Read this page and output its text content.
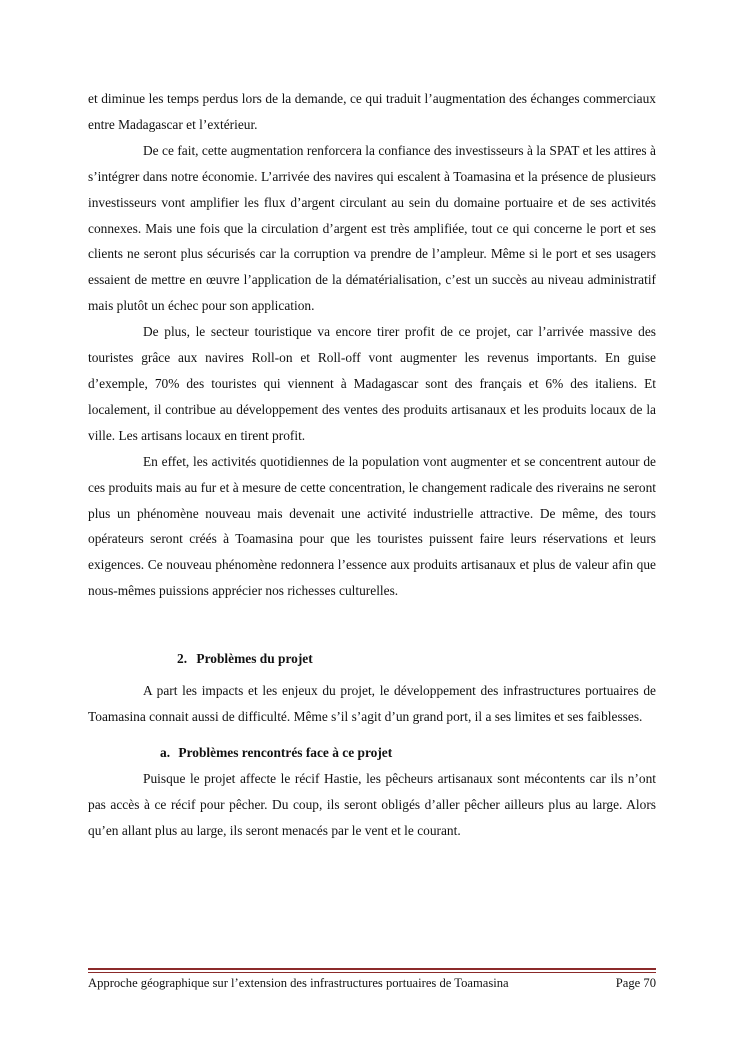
et diminue les temps perdus lors de la demande, ce qui traduit l’augmentation des échanges commerciaux entre Madagascar et l’extérieur.

De ce fait, cette augmentation renforcera la confiance des investisseurs à la SPAT et les attires à s’intégrer dans notre économie. L’arrivée des navires qui escalent à Toamasina et la présence de plusieurs investisseurs vont amplifier les flux d’argent circulant au sein du domaine portuaire et de ses activités connexes. Mais une fois que la circulation d’argent est très amplifiée, tout ce qui concerne le port et ses clients ne seront plus sécurisés car la corruption va prendre de l’ampleur. Même si le port et ses usagers essaient de mettre en œuvre l’application de la dématérialisation, c’est un succès au niveau administratif mais plutôt un échec pour son application.

De plus, le secteur touristique va encore tirer profit de ce projet, car l’arrivée massive des touristes grâce aux navires Roll-on et Roll-off vont augmenter les revenus importants. En guise d’exemple, 70% des touristes qui viennent à Madagascar sont des français et 6% des italiens. Et localement, il contribue au développement des ventes des produits artisanaux et les produits locaux de la ville. Les artisans locaux en tirent profit.

En effet, les activités quotidiennes de la population vont augmenter et se concentrent autour de ces produits mais au fur et à mesure de cette concentration, le changement radicale des riverains ne seront plus un phénomène nouveau mais devenait une activité industrielle attractive. De même, des tours opérateurs seront créés à Toamasina pour que les touristes puissent faire leurs réservations et leurs exigences. Ce nouveau phénomène redonnera l’essence aux produits artisanaux et plus de valeur afin que nous-mêmes puissions apprécier nos richesses culturelles.

2. Problèmes du projet

A part les impacts et les enjeux du projet, le développement des infrastructures portuaires de Toamasina connait aussi de difficulté. Même s’il s’agit d’un grand port, il a ses limites et ses faiblesses.

a. Problèmes rencontrés face à ce projet

Puisque le projet affecte le récif Hastie, les pêcheurs artisanaux sont mécontents car ils n’ont pas accès à ce récif pour pêcher. Du coup, ils seront obligés d’aller pêcher ailleurs plus au large. Alors qu’en allant plus au large, ils seront menacés par le vent et le courant.

Approche géographique sur l’extension des infrastructures portuaires de Toamasina	Page 70
